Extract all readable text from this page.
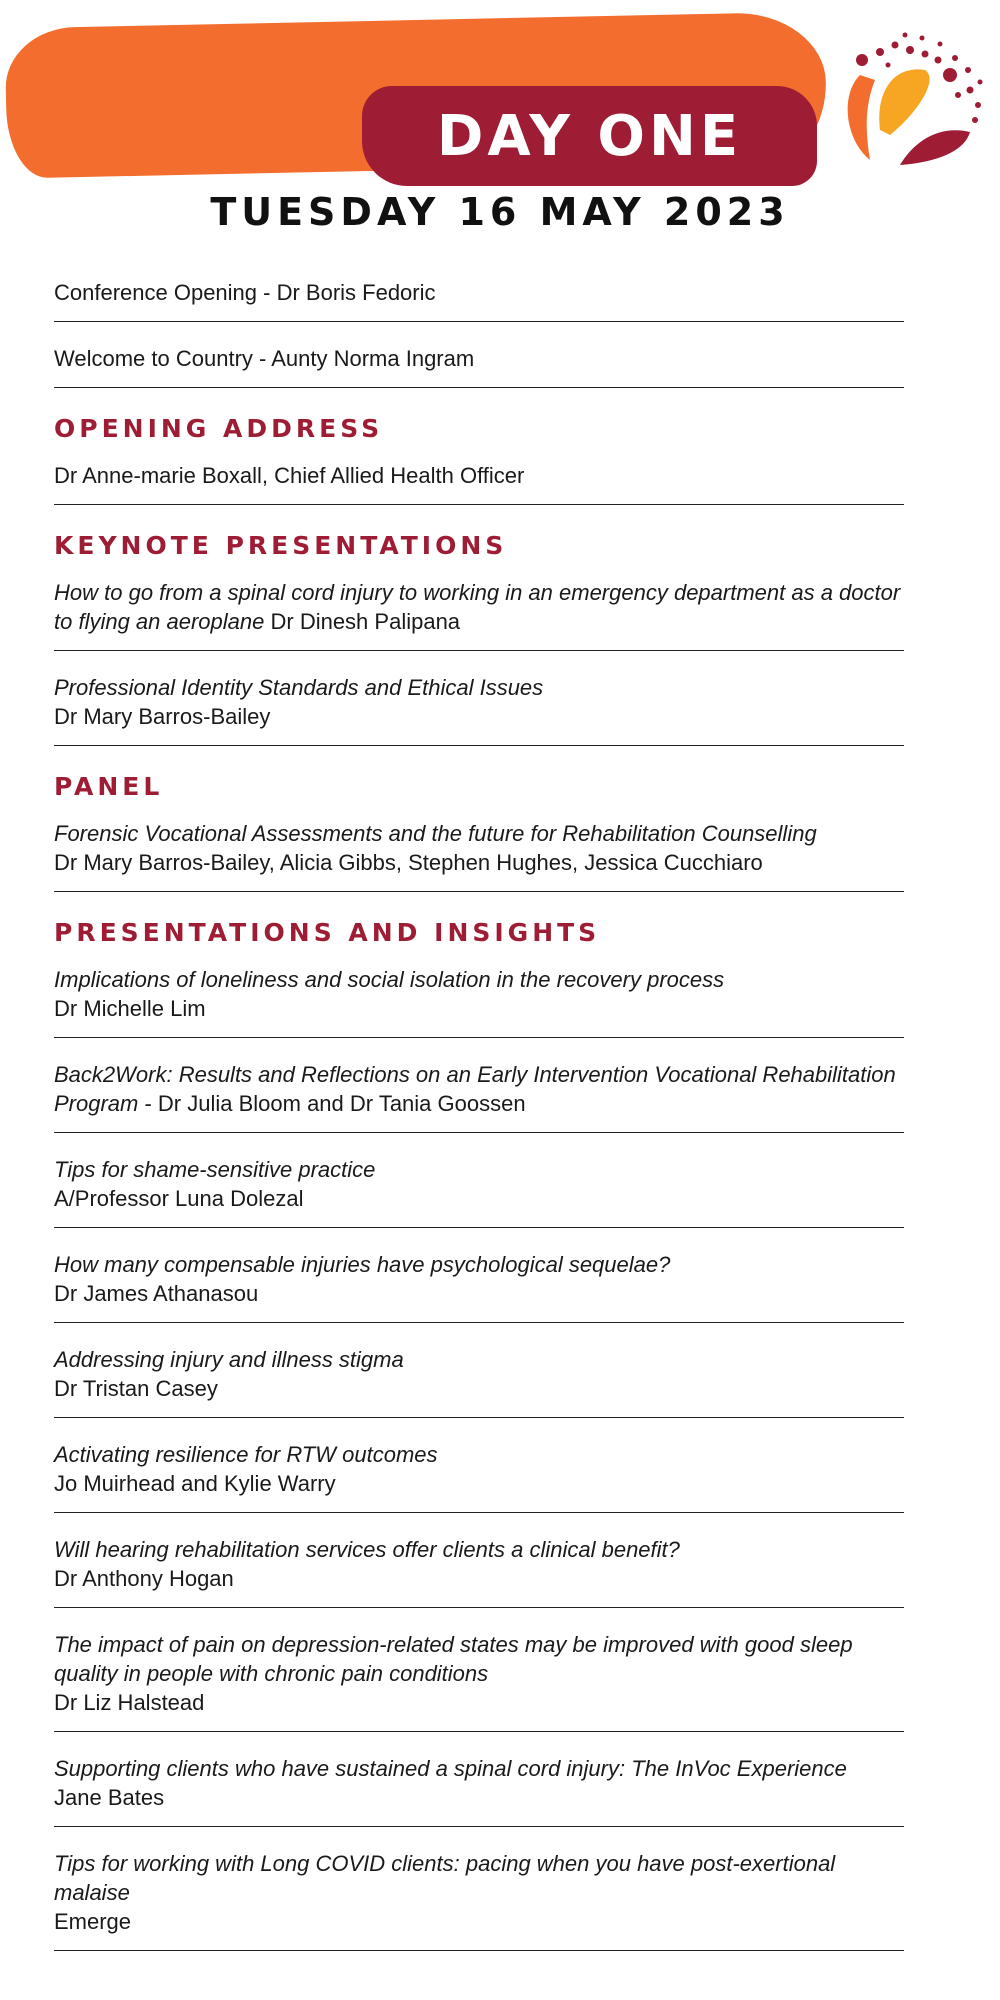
DAY ONE
TUESDAY 16 MAY 2023
Conference Opening - Dr Boris Fedoric
Welcome to Country - Aunty Norma Ingram
OPENING ADDRESS
Dr Anne-marie Boxall, Chief Allied Health Officer
KEYNOTE PRESENTATIONS
How to go from a spinal cord injury to working in an emergency department as a doctor to flying an aeroplane Dr Dinesh Palipana
Professional Identity Standards and Ethical Issues
Dr Mary Barros-Bailey
PANEL
Forensic Vocational Assessments and the future for Rehabilitation Counselling
Dr Mary Barros-Bailey, Alicia Gibbs, Stephen Hughes, Jessica Cucchiaro
PRESENTATIONS AND INSIGHTS
Implications of loneliness and social isolation in the recovery process
Dr Michelle Lim
Back2Work: Results and Reflections on an Early Intervention Vocational Rehabilitation Program - Dr Julia Bloom and Dr Tania Goossen
Tips for shame-sensitive practice
A/Professor Luna Dolezal
How many compensable injuries have psychological sequelae?
Dr James Athanasou
Addressing injury and illness stigma
Dr Tristan Casey
Activating resilience for RTW outcomes
Jo Muirhead and Kylie Warry
Will hearing rehabilitation services offer clients a clinical benefit?
Dr Anthony Hogan
The impact of pain on depression-related states may be improved with good sleep quality in people with chronic pain conditions
Dr Liz Halstead
Supporting clients who have sustained a spinal cord injury: The InVoc Experience
Jane Bates
Tips for working with Long COVID clients: pacing when you have post-exertional malaise
Emerge
